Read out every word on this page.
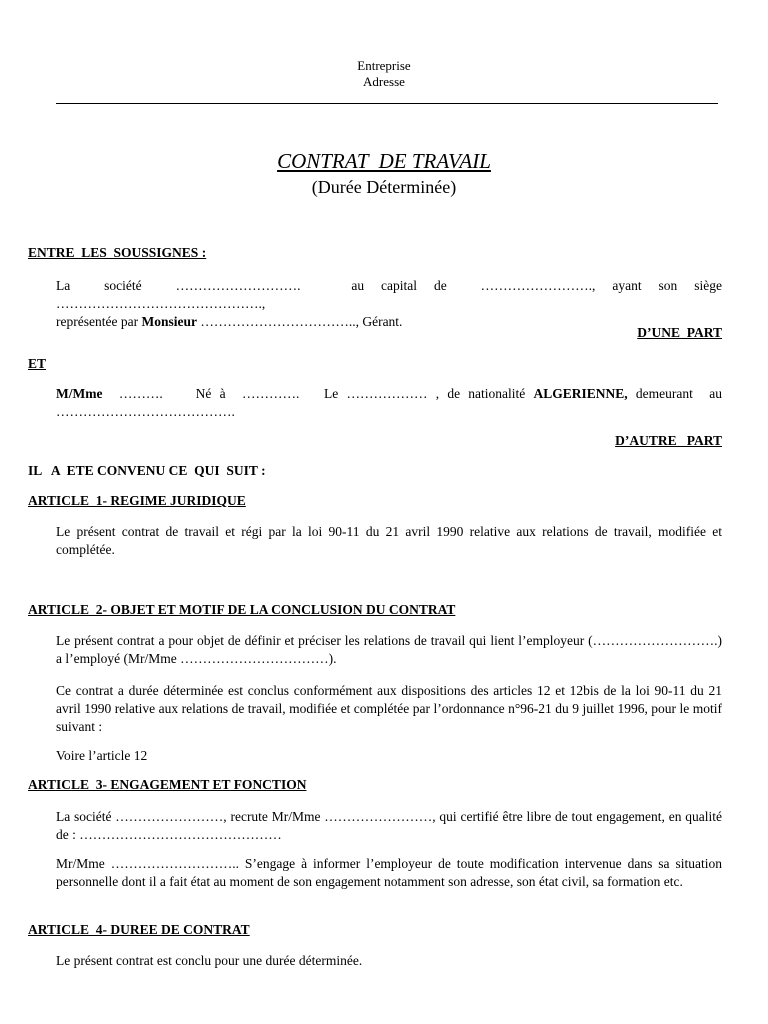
Entreprise
Adresse
CONTRAT  DE TRAVAIL
(Durée Déterminée)
ENTRE  LES  SOUSSIGNES :
La  société  ……………………….   au capital de  ……………………., ayant son siège  ……………………………………….,
représentée par Monsieur …………………………….., Gérant.
D’UNE  PART
ET
M/Mme  ……….    Né à  ………….   Le ……………… , de nationalité ALGERIENNE, demeurant  au ………………………………….
D’AUTRE   PART
IL   A  ETE CONVENU CE  QUI  SUIT :
ARTICLE  1- REGIME JURIDIQUE
Le présent contrat de travail et régi par la loi 90-11 du 21 avril 1990 relative aux relations de travail, modifiée et complétée.
ARTICLE  2- OBJET ET MOTIF DE LA CONCLUSION DU CONTRAT
Le présent contrat a pour objet de définir et préciser les relations de travail qui lient l’employeur (……………………….) a l’employé (Mr/Mme ……………………………).
Ce contrat a durée déterminée est conclus conformément aux dispositions des articles 12 et 12bis de la loi 90-11 du 21 avril 1990 relative aux relations de travail, modifiée et complétée par l’ordonnance n°96-21 du 9 juillet 1996, pour le motif suivant :
Voire l’article 12
ARTICLE  3- ENGAGEMENT ET FONCTION
La société ……………………, recrute Mr/Mme ……………………, qui certifié être libre de tout engagement, en qualité de : ………………………………………
Mr/Mme ……………………….. S’engage à informer l’employeur de toute modification intervenue dans sa situation personnelle dont il a fait état au moment de son engagement notamment son adresse, son état civil, sa formation etc.
ARTICLE  4- DUREE DE CONTRAT
Le présent contrat est conclu pour une durée déterminée.
